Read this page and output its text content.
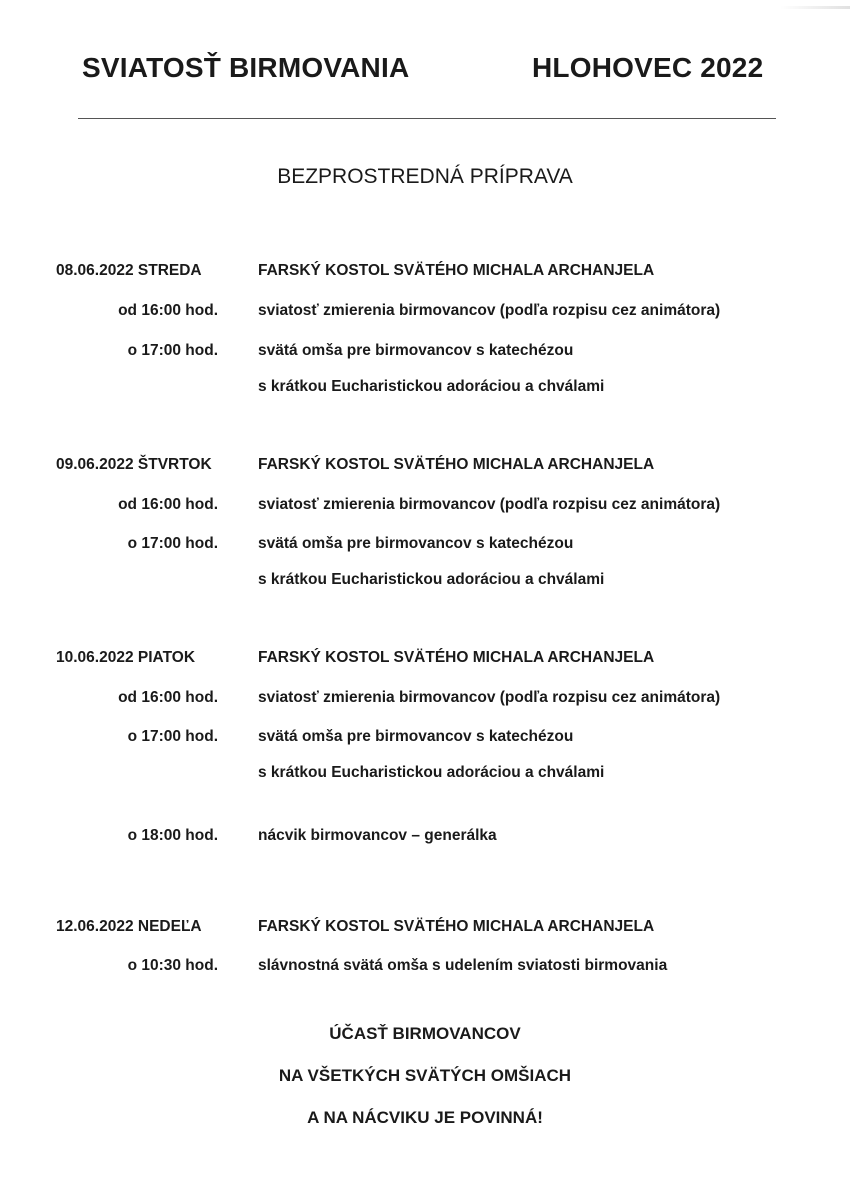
SVIATOSŤ BIRMOVANIA	HLOHOVEC 2022
BEZPROSTREDNÁ PRÍPRAVA
08.06.2022 STREDA	FARSKÝ KOSTOL SVÄTÉHO MICHALA ARCHANJELA
od 16:00 hod.	sviatosť zmierenia birmovancov (podľa rozpisu cez animátora)
o 17:00 hod.	svätá omša pre birmovancov s katechézou
s krátkou Eucharistickou adoráciou a chválami
09.06.2022 ŠTVRTOK	FARSKÝ KOSTOL SVÄTÉHO MICHALA ARCHANJELA
od 16:00 hod.	sviatosť zmierenia birmovancov (podľa rozpisu cez animátora)
o 17:00 hod.	svätá omša pre birmovancov s katechézou
s krátkou Eucharistickou adoráciou a chválami
10.06.2022 PIATOK	FARSKÝ KOSTOL SVÄTÉHO MICHALA ARCHANJELA
od 16:00 hod.	sviatosť zmierenia birmovancov (podľa rozpisu cez animátora)
o 17:00 hod.	svätá omša pre birmovancov s katechézou
s krátkou Eucharistickou adoráciou a chválami
o 18:00 hod.	nácvik birmovancov – generálka
12.06.2022 NEDEĽA	FARSKÝ KOSTOL SVÄTÉHO MICHALA ARCHANJELA
o 10:30 hod.	slávnostná svätá omša s udelením sviatosti birmovania
ÚČASŤ BIRMOVANCOV
NA VŠETKÝCH SVÄTÝCH OMŠIACH
A NA NÁCVIKU JE POVINNÁ!
